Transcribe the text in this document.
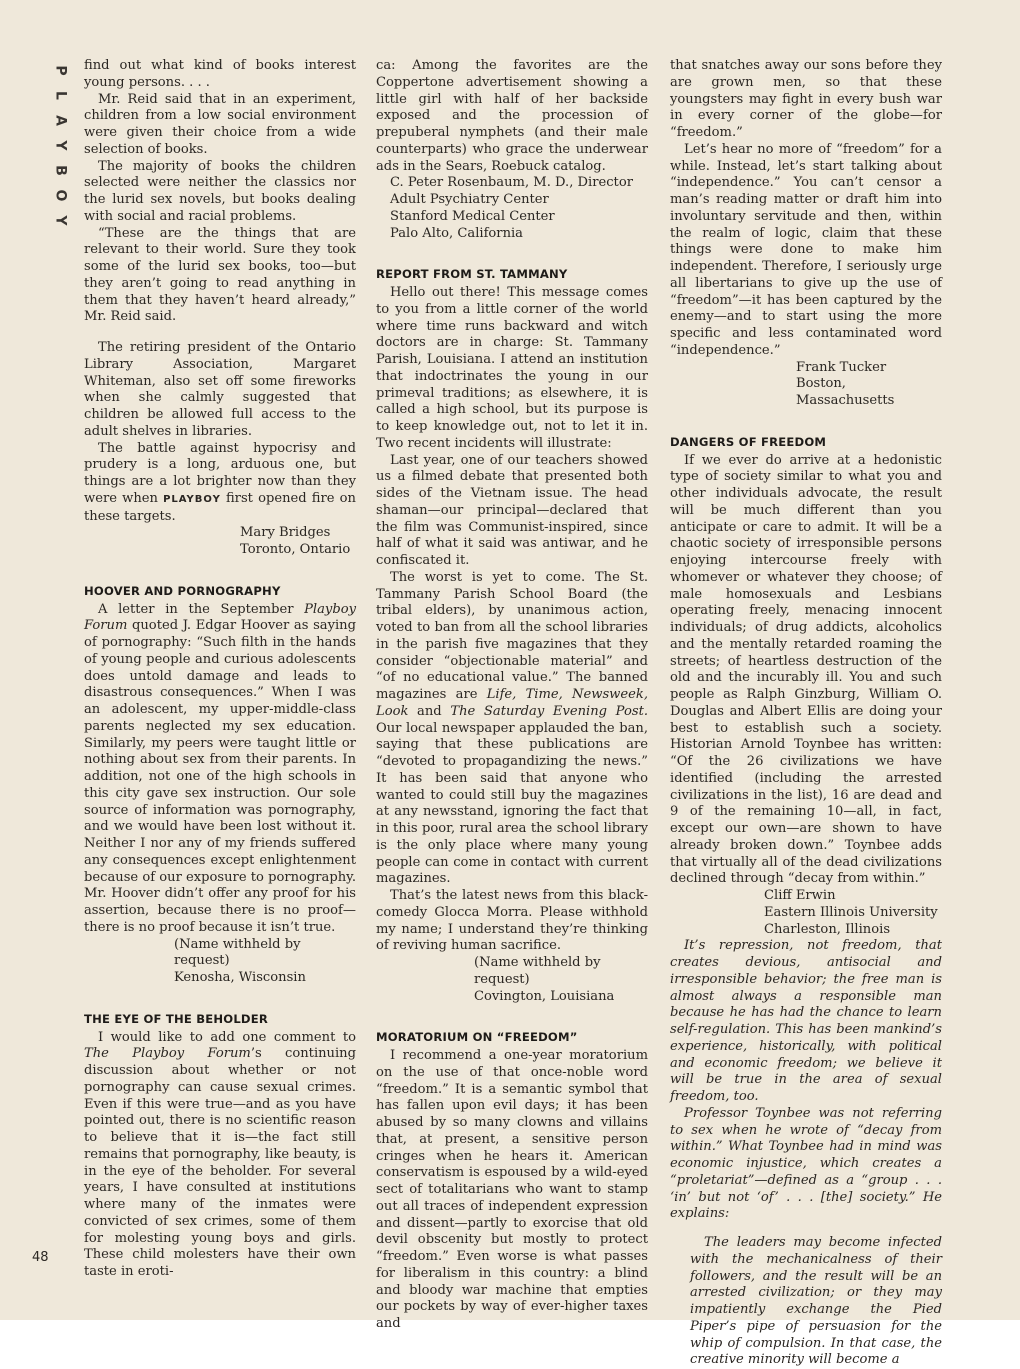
P
L
A
Y
B
O
Y
48

find out what kind of books interest young persons. . . .

Mr. Reid said that in an experiment, children from a low social environment were given their choice from a wide selection of books.

The majority of books the children selected were neither the classics nor the lurid sex novels, but books dealing with social and racial problems.

“These are the things that are relevant to their world. Sure they took some of the lurid sex books, too—but they aren’t going to read anything in them that they haven’t heard already,” Mr. Reid said.

The retiring president of the Ontario Library Association, Margaret Whiteman, also set off some fireworks when she calmly suggested that children be allowed full access to the adult shelves in libraries.

The battle against hypocrisy and prudery is a long, arduous one, but things are a lot brighter now than they were when PLAYBOY first opened fire on these targets.

Mary Bridges
Toronto, Ontario
HOOVER AND PORNOGRAPHY

A letter in the September Playboy Forum quoted J. Edgar Hoover as saying of pornography: “Such filth in the hands of young people and curious adolescents does untold damage and leads to disastrous consequences.” When I was an adolescent, my upper-middle-class parents neglected my sex education. Similarly, my peers were taught little or nothing about sex from their parents. In addition, not one of the high schools in this city gave sex instruction. Our sole source of information was pornography, and we would have been lost without it. Neither I nor any of my friends suffered any consequences except enlightenment because of our exposure to pornography. Mr. Hoover didn’t offer any proof for his assertion, because there is no proof—there is no proof because it isn’t true.

(Name withheld by request)
Kenosha, Wisconsin
THE EYE OF THE BEHOLDER

I would like to add one comment to The Playboy Forum’s continuing discussion about whether or not pornography can cause sexual crimes. Even if this were true—and as you have pointed out, there is no scientific reason to believe that it is—the fact still remains that pornography, like beauty, is in the eye of the beholder. For several years, I have consulted at institutions where many of the inmates were convicted of sex crimes, some of them for molesting young boys and girls. These child molesters have their own taste in eroti-

ca: Among the favorites are the Coppertone advertisement showing a little girl with half of her backside exposed and the procession of prepuberal nymphets (and their male counterparts) who grace the underwear ads in the Sears, Roebuck catalog.

C. Peter Rosenbaum, M. D., Director
Adult Psychiatry Center
Stanford Medical Center
Palo Alto, California
REPORT FROM ST. TAMMANY

Hello out there! This message comes to you from a little corner of the world where time runs backward and witch doctors are in charge: St. Tammany Parish, Louisiana. I attend an institution that indoctrinates the young in our primeval traditions; as elsewhere, it is called a high school, but its purpose is to keep knowledge out, not to let it in. Two recent incidents will illustrate:

Last year, one of our teachers showed us a filmed debate that presented both sides of the Vietnam issue. The head shaman—our principal—declared that the film was Communist-inspired, since half of what it said was antiwar, and he confiscated it.

The worst is yet to come. The St. Tammany Parish School Board (the tribal elders), by unanimous action, voted to ban from all the school libraries in the parish five magazines that they consider “objectionable material” and “of no educational value.” The banned magazines are Life, Time, Newsweek, Look and The Saturday Evening Post. Our local newspaper applauded the ban, saying that these publications are “devoted to propagandizing the news.” It has been said that anyone who wanted to could still buy the magazines at any newsstand, ignoring the fact that in this poor, rural area the school library is the only place where many young people can come in contact with current magazines.

That’s the latest news from this black-comedy Glocca Morra. Please withhold my name; I understand they’re thinking of reviving human sacrifice.

(Name withheld by request)
Covington, Louisiana
MORATORIUM ON “FREEDOM”

I recommend a one-year moratorium on the use of that once-noble word “freedom.” It is a semantic symbol that has fallen upon evil days; it has been abused by so many clowns and villains that, at present, a sensitive person cringes when he hears it. American conservatism is espoused by a wild-eyed sect of totalitarians who want to stamp out all traces of independent expression and dissent—partly to exorcise that old devil obscenity but mostly to protect “freedom.” Even worse is what passes for liberalism in this country: a blind and bloody war machine that empties our pockets by way of ever-higher taxes and

that snatches away our sons before they are grown men, so that these youngsters may fight in every bush war in every corner of the globe—for “freedom.”

Let’s hear no more of “freedom” for a while. Instead, let’s start talking about “independence.” You can’t censor a man’s reading matter or draft him into involuntary servitude and then, within the realm of logic, claim that these things were done to make him independent. Therefore, I seriously urge all libertarians to give up the use of “freedom”—it has been captured by the enemy—and to start using the more specific and less contaminated word “independence.”

Frank Tucker
Boston, Massachusetts
DANGERS OF FREEDOM

If we ever do arrive at a hedonistic type of society similar to what you and other individuals advocate, the result will be much different than you anticipate or care to admit. It will be a chaotic society of irresponsible persons enjoying intercourse freely with whomever or whatever they choose; of male homosexuals and Lesbians operating freely, menacing innocent individuals; of drug addicts, alcoholics and the mentally retarded roaming the streets; of heartless destruction of the old and the incurably ill. You and such people as Ralph Ginzburg, William O. Douglas and Albert Ellis are doing your best to establish such a society. Historian Arnold Toynbee has written: “Of the 26 civilizations we have identified (including the arrested civilizations in the list), 16 are dead and 9 of the remaining 10—all, in fact, except our own—are shown to have already broken down.” Toynbee adds that virtually all of the dead civilizations declined through “decay from within.”

Cliff Erwin
Eastern Illinois University
Charleston, Illinois

It’s repression, not freedom, that creates devious, antisocial and irresponsible behavior; the free man is almost always a responsible man because he has had the chance to learn self-regulation. This has been mankind’s experience, historically, with political and economic freedom; we believe it will be true in the area of sexual freedom, too.

Professor Toynbee was not referring to sex when he wrote of “decay from within.” What Toynbee had in mind was economic injustice, which creates a “proletariat”—defined as a “group . . . ‘in’ but not ‘of’ . . . [the] society.” He explains:

The leaders may become infected with the mechanicalness of their followers, and the result will be an arrested civilization; or they may impatiently exchange the Pied Piper’s pipe of persuasion for the whip of compulsion. In that case, the creative minority will become a
